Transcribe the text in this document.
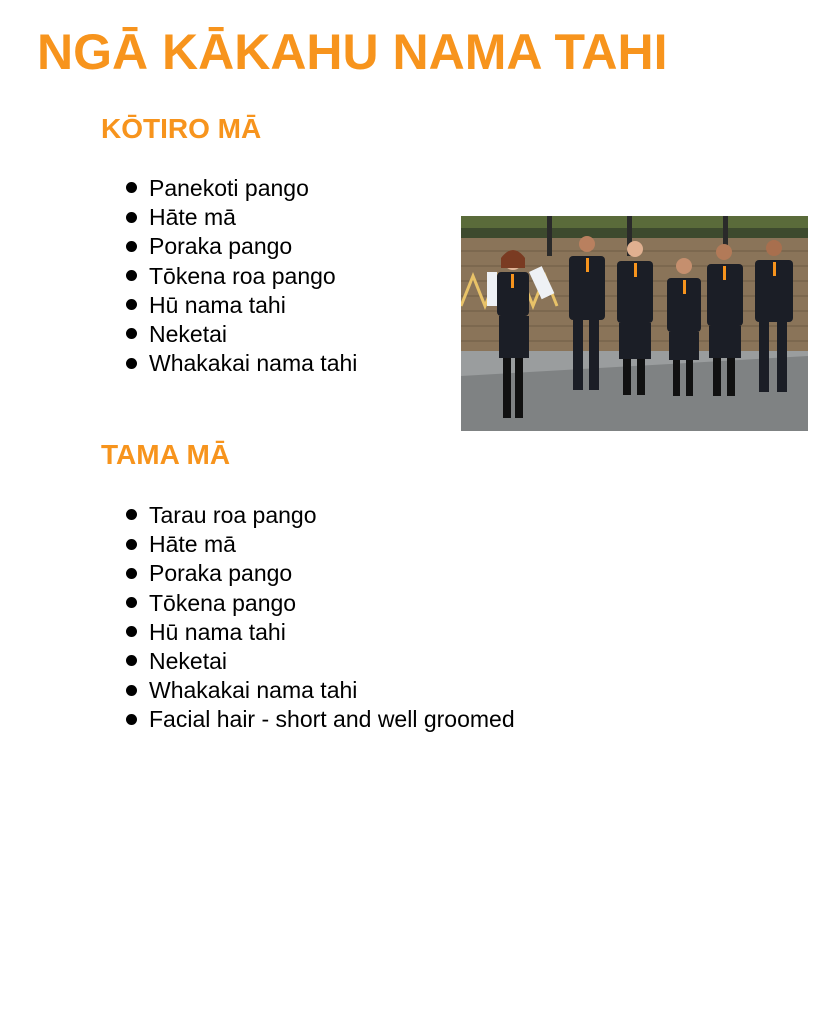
NGĀ KĀKAHU NAMA TAHI
KŌTIRO MĀ
Panekoti pango
Hāte mā
Poraka pango
Tōkena roa pango
Hū nama tahi
Neketai
Whakakai nama tahi
TAMA MĀ
Tarau roa pango
Hāte mā
Poraka pango
Tōkena pango
Hū nama tahi
Neketai
Whakakai nama tahi
Facial hair - short and well groomed
